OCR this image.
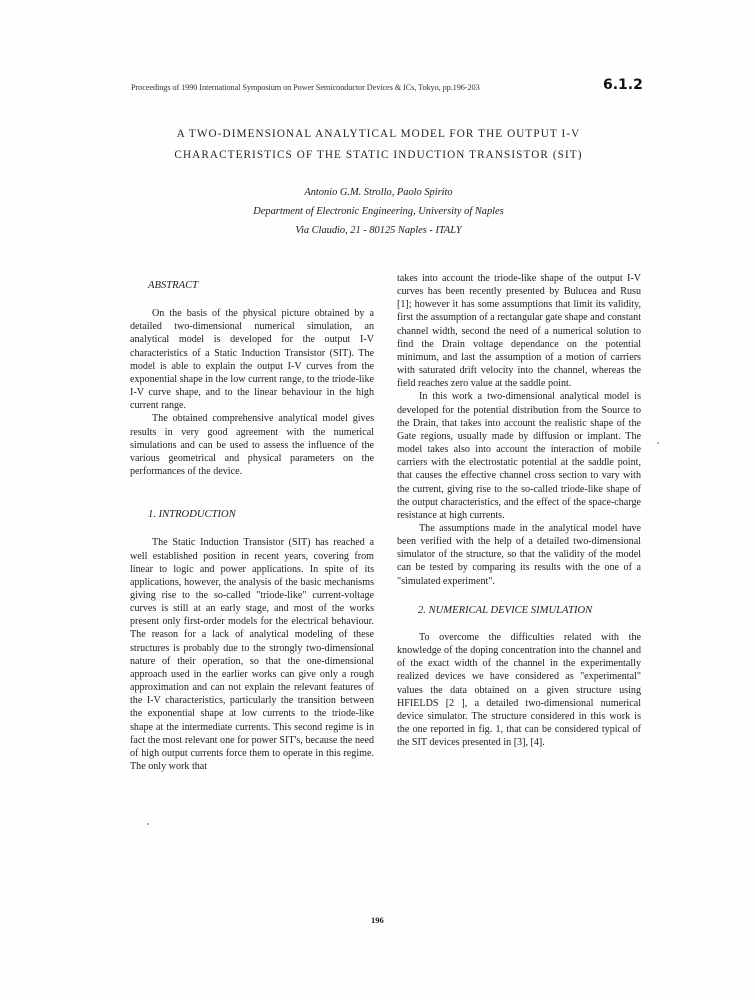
Proceedings of 1990 International Symposium on Power Semiconductor Devices & ICs, Tokyo, pp.196-203	6.1.2
A TWO-DIMENSIONAL ANALYTICAL MODEL FOR THE OUTPUT I-V
CHARACTERISTICS OF THE STATIC INDUCTION TRANSISTOR (SIT)
Antonio G.M. Strollo, Paolo Spirito
Department of Electronic Engineering, University of Naples
Via Claudio, 21 - 80125 Naples - ITALY

ABSTRACT

On the basis of the physical picture obtained by a detailed two-dimensional numerical simulation, an analytical model is developed for the output I-V characteristics of a Static Induction Transistor (SIT). The model is able to explain the output I-V curves from the exponential shape in the low current range, to the triode-like I-V curve shape, and to the linear behaviour in the high current range.

The obtained comprehensive analytical model gives results in very good agreement with the numerical simulations and can be used to assess the influence of the various geometrical and physical parameters on the performances of the device.

1. INTRODUCTION

The Static Induction Transistor (SIT) has reached a well established position in recent years, covering from linear to logic and power applications. In spite of its applications, however, the analysis of the basic mechanisms giving rise to the so-called "triode-like" current-voltage curves is still at an early stage, and most of the works present only first-order models for the electrical behaviour. The reason for a lack of analytical modeling of these structures is probably due to the strongly two-dimensional nature of their operation, so that the one-dimensional approach used in the earlier works can give only a rough approximation and can not explain the relevant features of the I-V characteristics, particularly the transition between the exponential shape at low currents to the triode-like shape at the intermediate currents. This second regime is in fact the most relevant one for power SIT's, because the need of high output currents force them to operate in this regime. The only work that

takes into account the triode-like shape of the output I-V curves has been recently presented by Bulucea and Rusu [1]; however it has some assumptions that limit its validity, first the assumption of a rectangular gate shape and constant channel width, second the need of a numerical solution to find the Drain voltage dependance on the potential minimum, and last the assumption of a motion of carriers with saturated drift velocity into the channel, whereas the field reaches zero value at the saddle point.

In this work a two-dimensional analytical model is developed for the potential distribution from the Source to the Drain, that takes into account the realistic shape of the Gate regions, usually made by diffusion or implant. The model takes also into account the interaction of mobile carriers with the electrostatic potential at the saddle point, that causes the effective channel cross section to vary with the current, giving rise to the so-called triode-like shape of the output characteristics, and the effect of the space-charge resistance at high currents.

The assumptions made in the analytical model have been verified with the help of a detailed two-dimensional simulator of the structure, so that the validity of the model can be tested by comparing its results with the one of a "simulated experiment".

2. NUMERICAL DEVICE SIMULATION

To overcome the difficulties related with the knowledge of the doping concentration into the channel and of the exact width of the channel in the experimentally realized devices we have considered as "experimental" values the data obtained on a given structure using HFIELDS [2 ], a detailed two-dimensional numerical device simulator. The structure considered in this work is the one reported in fig. 1, that can be considered typical of the SIT devices presented in [3], [4].

196
